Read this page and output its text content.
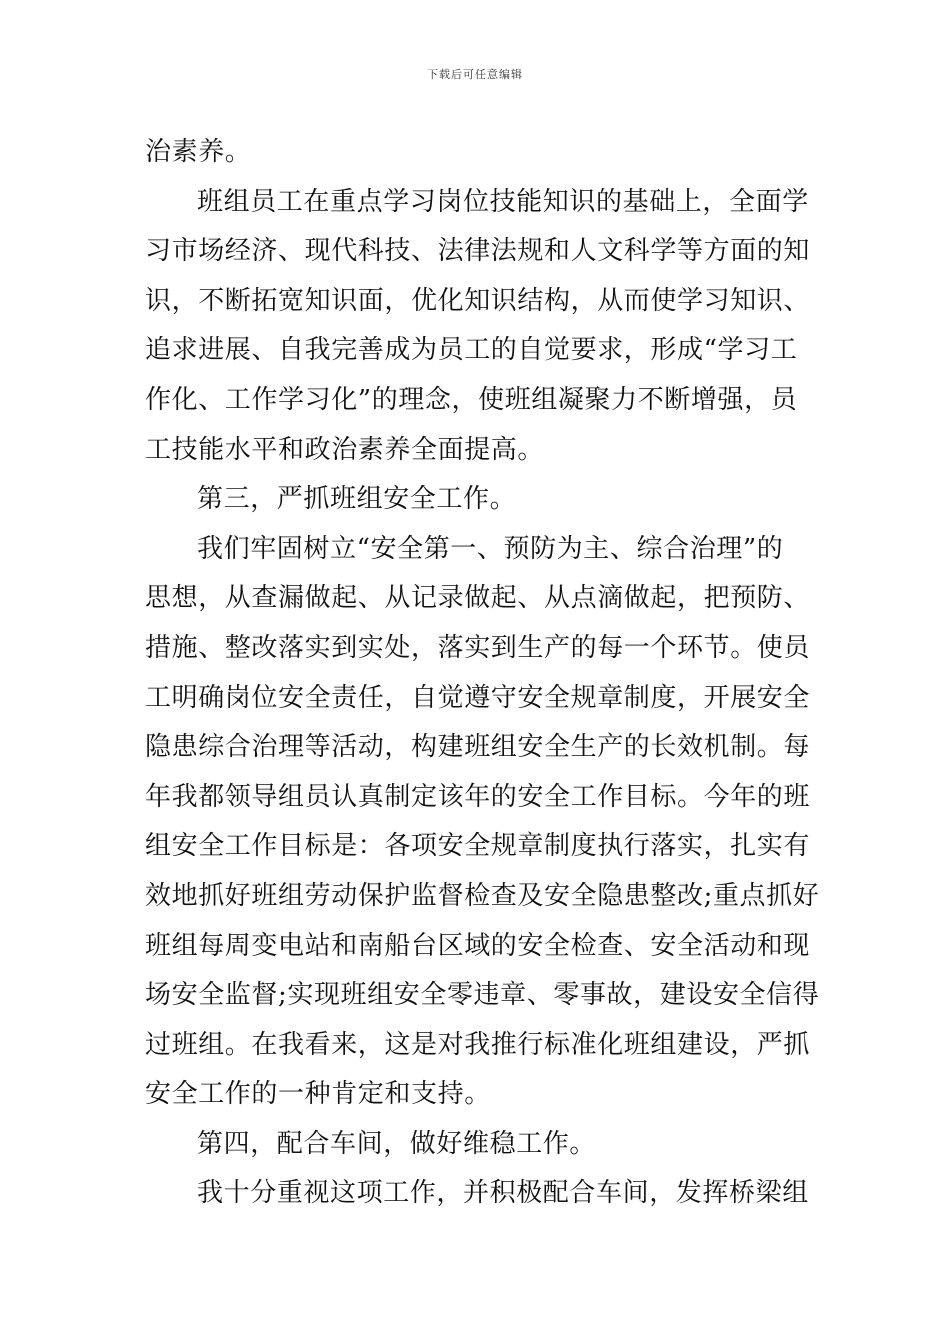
下载后可任意编辑
治素养。
班组员工在重点学习岗位技能知识的基础上，全面学
习市场经济、现代科技、法律法规和人文科学等方面的知
识，不断拓宽知识面，优化知识结构，从而使学习知识、
追求进展、自我完善成为员工的自觉要求，形成“学习工
作化、工作学习化”的理念，使班组凝聚力不断增强，员
工技能水平和政治素养全面提高。
第三，严抓班组安全工作。
我们牢固树立“安全第一、预防为主、综合治理”的
思想，从查漏做起、从记录做起、从点滴做起，把预防、
措施、整改落实到实处，落实到生产的每一个环节。使员
工明确岗位安全责任，自觉遵守安全规章制度，开展安全
隐患综合治理等活动，构建班组安全生产的长效机制。每
年我都领导组员认真制定该年的安全工作目标。今年的班
组安全工作目标是：各项安全规章制度执行落实，扎实有
效地抓好班组劳动保护监督检查及安全隐患整改;重点抓好
班组每周变电站和南船台区域的安全检查、安全活动和现
场安全监督;实现班组安全零违章、零事故，建设安全信得
过班组。在我看来，这是对我推行标准化班组建设，严抓
安全工作的一种肯定和支持。
第四，配合车间，做好维稳工作。
我十分重视这项工作，并积极配合车间，发挥桥梁组
